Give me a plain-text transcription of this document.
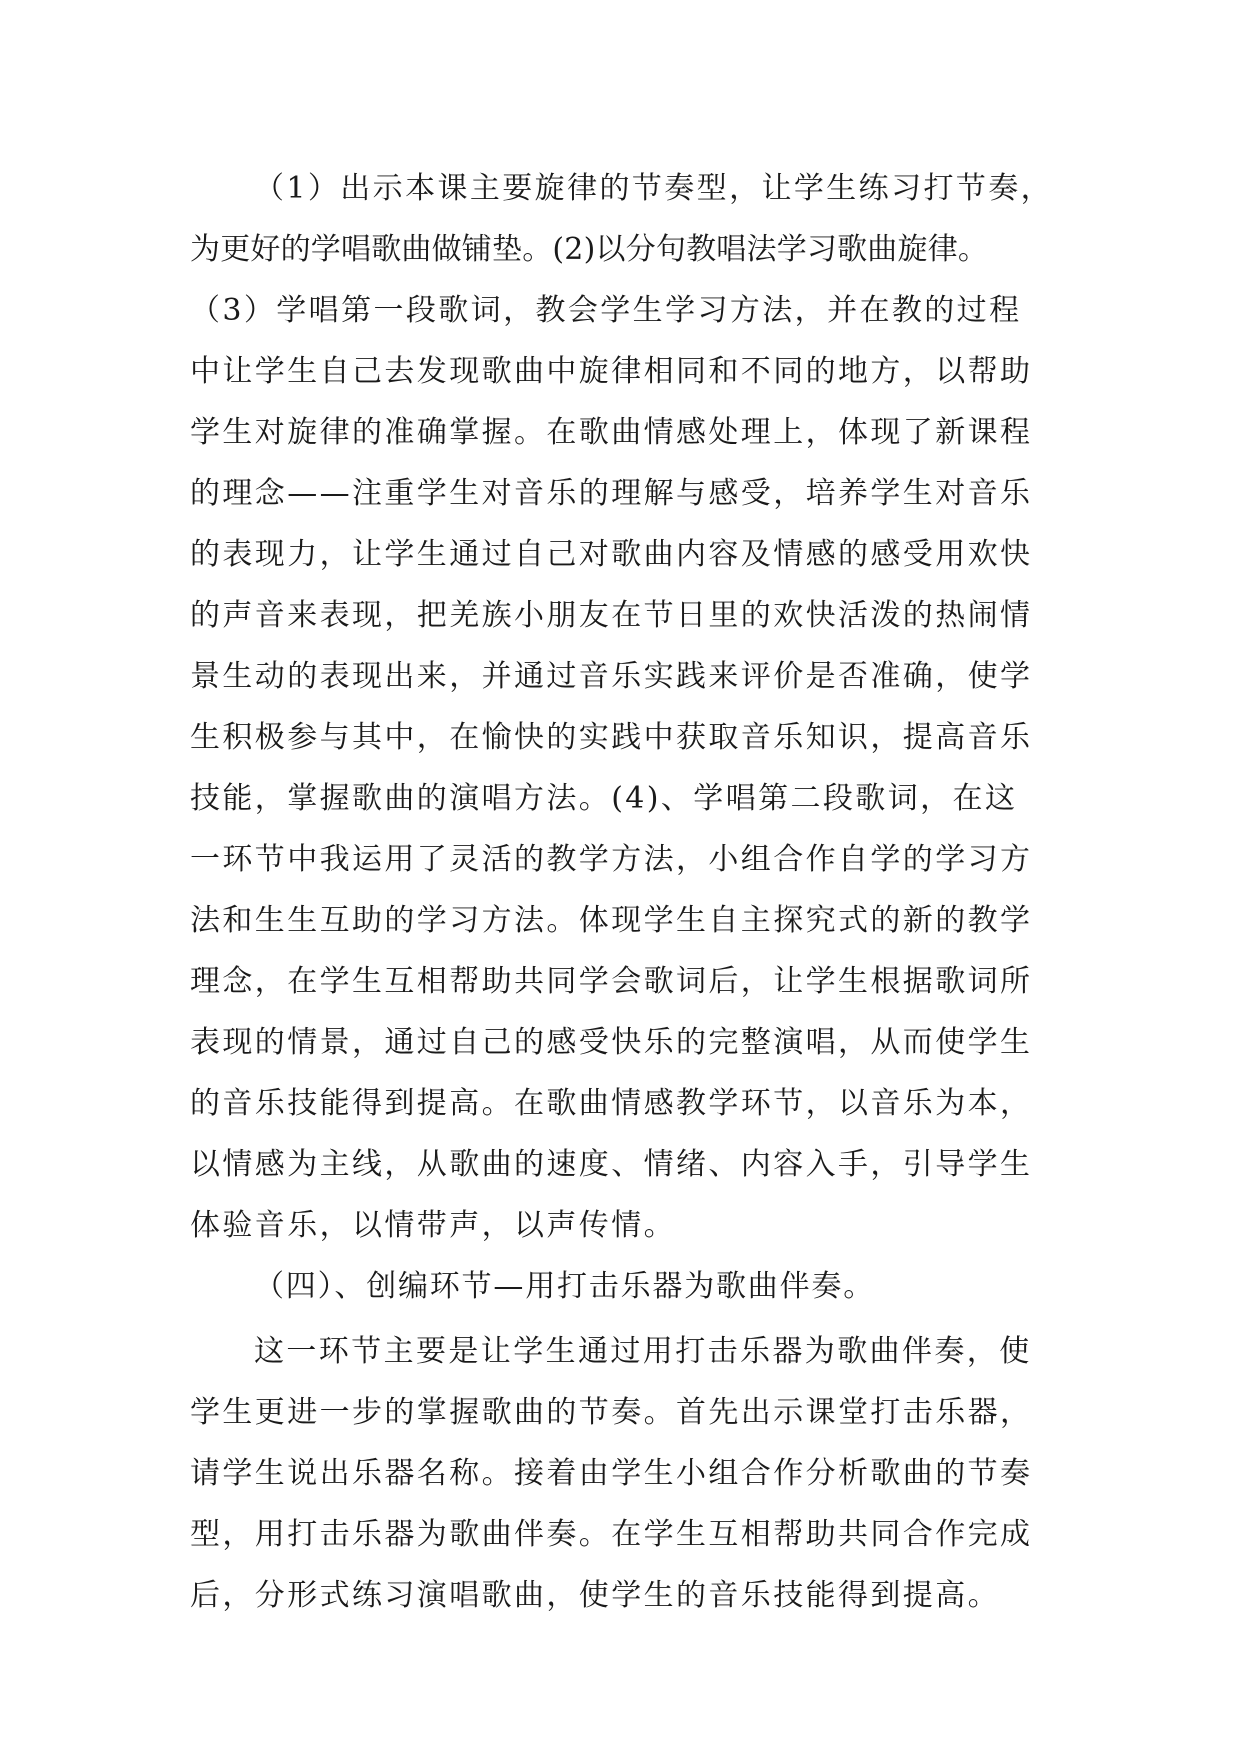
（1）出示本课主要旋律的节奏型，让学生练习打节奏，
为更好的学唱歌曲做铺垫。(2)以分句教唱法学习歌曲旋律。
（3）学唱第一段歌词，教会学生学习方法，并在教的过程
中让学生自己去发现歌曲中旋律相同和不同的地方，以帮助
学生对旋律的准确掌握。在歌曲情感处理上，体现了新课程
的理念——注重学生对音乐的理解与感受，培养学生对音乐
的表现力，让学生通过自己对歌曲内容及情感的感受用欢快
的声音来表现，把羌族小朋友在节日里的欢快活泼的热闹情
景生动的表现出来，并通过音乐实践来评价是否准确，使学
生积极参与其中，在愉快的实践中获取音乐知识，提高音乐
技能，掌握歌曲的演唱方法。(4)、学唱第二段歌词，在这
一环节中我运用了灵活的教学方法，小组合作自学的学习方
法和生生互助的学习方法。体现学生自主探究式的新的教学
理念，在学生互相帮助共同学会歌词后，让学生根据歌词所
表现的情景，通过自己的感受快乐的完整演唱，从而使学生
的音乐技能得到提高。在歌曲情感教学环节，以音乐为本，
以情感为主线，从歌曲的速度、情绪、内容入手，引导学生
体验音乐，以情带声，以声传情。
（四）、创编环节—用打击乐器为歌曲伴奏。
这一环节主要是让学生通过用打击乐器为歌曲伴奏，使
学生更进一步的掌握歌曲的节奏。首先出示课堂打击乐器，
请学生说出乐器名称。接着由学生小组合作分析歌曲的节奏
型，用打击乐器为歌曲伴奏。在学生互相帮助共同合作完成
后，分形式练习演唱歌曲，使学生的音乐技能得到提高。
